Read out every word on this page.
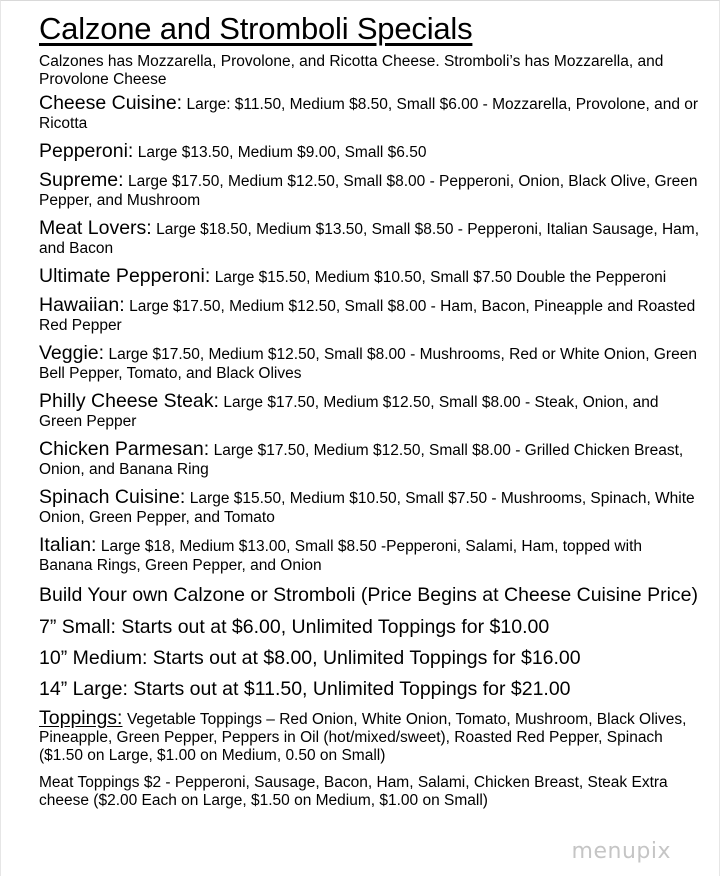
Calzone and Stromboli Specials

Calzones has Mozzarella, Provolone, and Ricotta Cheese. Stromboli’s has Mozzarella, and Provolone Cheese

Cheese Cuisine: Large: $11.50, Medium $8.50, Small $6.00 - Mozzarella, Provolone, and or Ricotta

Pepperoni: Large $13.50, Medium $9.00, Small $6.50

Supreme: Large $17.50, Medium $12.50, Small $8.00 - Pepperoni, Onion, Black Olive, Green Pepper, and Mushroom

Meat Lovers: Large $18.50, Medium $13.50, Small $8.50 - Pepperoni, Italian Sausage, Ham, and Bacon

Ultimate Pepperoni: Large $15.50, Medium $10.50, Small $7.50 Double the Pepperoni

Hawaiian: Large $17.50, Medium $12.50, Small $8.00 - Ham, Bacon, Pineapple and Roasted Red Pepper

Veggie: Large $17.50, Medium $12.50, Small $8.00 - Mushrooms, Red or White Onion, Green Bell Pepper, Tomato, and Black Olives

Philly Cheese Steak: Large $17.50, Medium $12.50, Small $8.00 - Steak, Onion, and Green Pepper

Chicken Parmesan: Large $17.50, Medium $12.50, Small $8.00 - Grilled Chicken Breast, Onion, and Banana Ring

Spinach Cuisine: Large $15.50, Medium $10.50, Small $7.50 - Mushrooms, Spinach, White Onion, Green Pepper, and Tomato

Italian: Large $18, Medium $13.00, Small $8.50 -Pepperoni, Salami, Ham, topped with Banana Rings, Green Pepper, and Onion

Build Your own Calzone or Stromboli (Price Begins at Cheese Cuisine Price)

7” Small: Starts out at $6.00, Unlimited Toppings for $10.00

10” Medium: Starts out at $8.00, Unlimited Toppings for $16.00

14” Large: Starts out at $11.50, Unlimited Toppings for $21.00

Toppings: Vegetable Toppings – Red Onion, White Onion, Tomato, Mushroom, Black Olives, Pineapple, Green Pepper, Peppers in Oil (hot/mixed/sweet), Roasted Red Pepper, Spinach ($1.50 on Large, $1.00 on Medium, 0.50 on Small)

Meat Toppings $2 - Pepperoni, Sausage, Bacon, Ham, Salami, Chicken Breast, Steak Extra cheese ($2.00 Each on Large, $1.50 on Medium, $1.00 on Small)

menupix
